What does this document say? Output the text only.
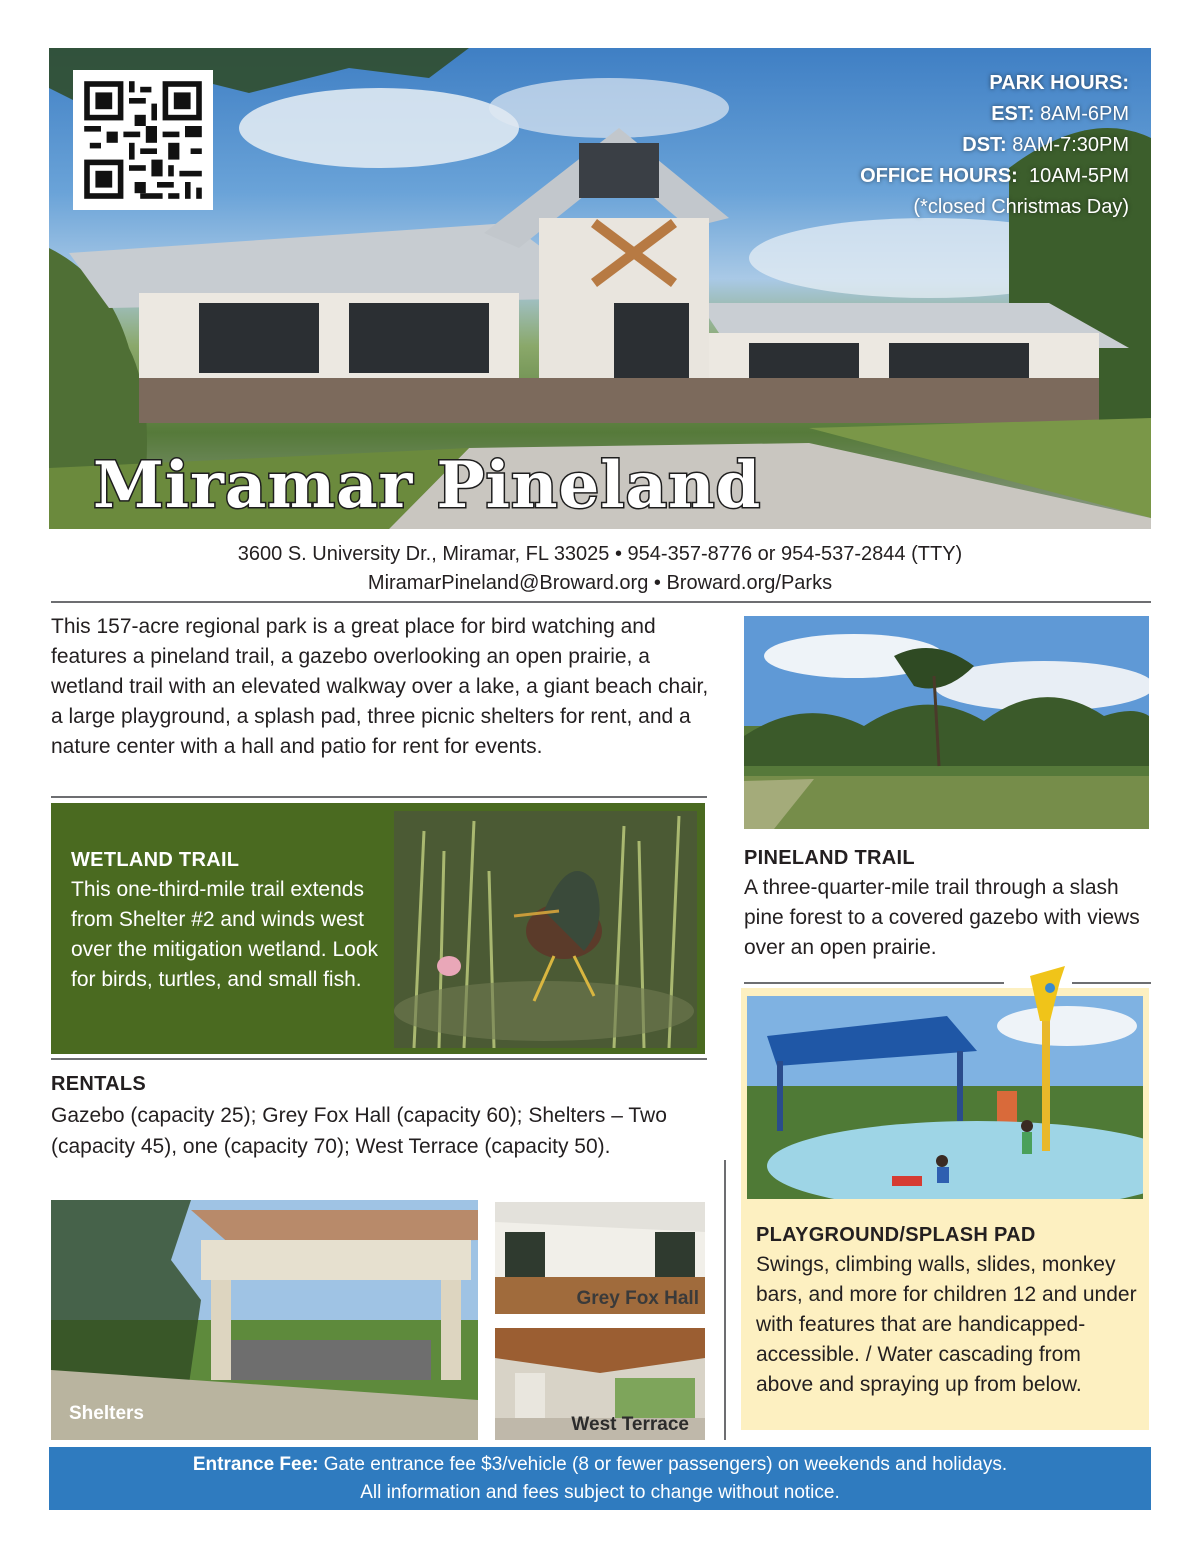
PARK HOURS:
EST: 8AM-6PM
DST: 8AM-7:30PM
OFFICE HOURS: 10AM-5PM
(*closed Christmas Day)
Miramar Pineland
3600 S. University Dr., Miramar, FL 33025 • 954-357-8776 or 954-537-2844 (TTY)
MiramarPineland@Broward.org • Broward.org/Parks
This 157-acre regional park is a great place for bird watching and features a pineland trail, a gazebo overlooking an open prairie, a wetland trail with an elevated walkway over a lake, a giant beach chair, a large playground, a splash pad, three picnic shelters for rent, and a nature center with a hall and patio for rent for events.
WETLAND TRAIL
This one-third-mile trail extends from Shelter #2 and winds west over the mitigation wetland. Look for birds, turtles, and small fish.
RENTALS
Gazebo (capacity 25); Grey Fox Hall (capacity 60); Shelters – Two (capacity 45), one (capacity 70); West Terrace (capacity 50).
Shelters
Grey Fox Hall
West Terrace
PINELAND TRAIL
A three-quarter-mile trail through a slash pine forest to a covered gazebo with views over an open prairie.
PLAYGROUND/SPLASH PAD
Swings, climbing walls, slides, monkey bars, and more for children 12 and under with features that are handicapped-accessible. / Water cascading from above and spraying up from below.
Entrance Fee: Gate entrance fee $3/vehicle (8 or fewer passengers) on weekends and holidays.
All information and fees subject to change without notice.
